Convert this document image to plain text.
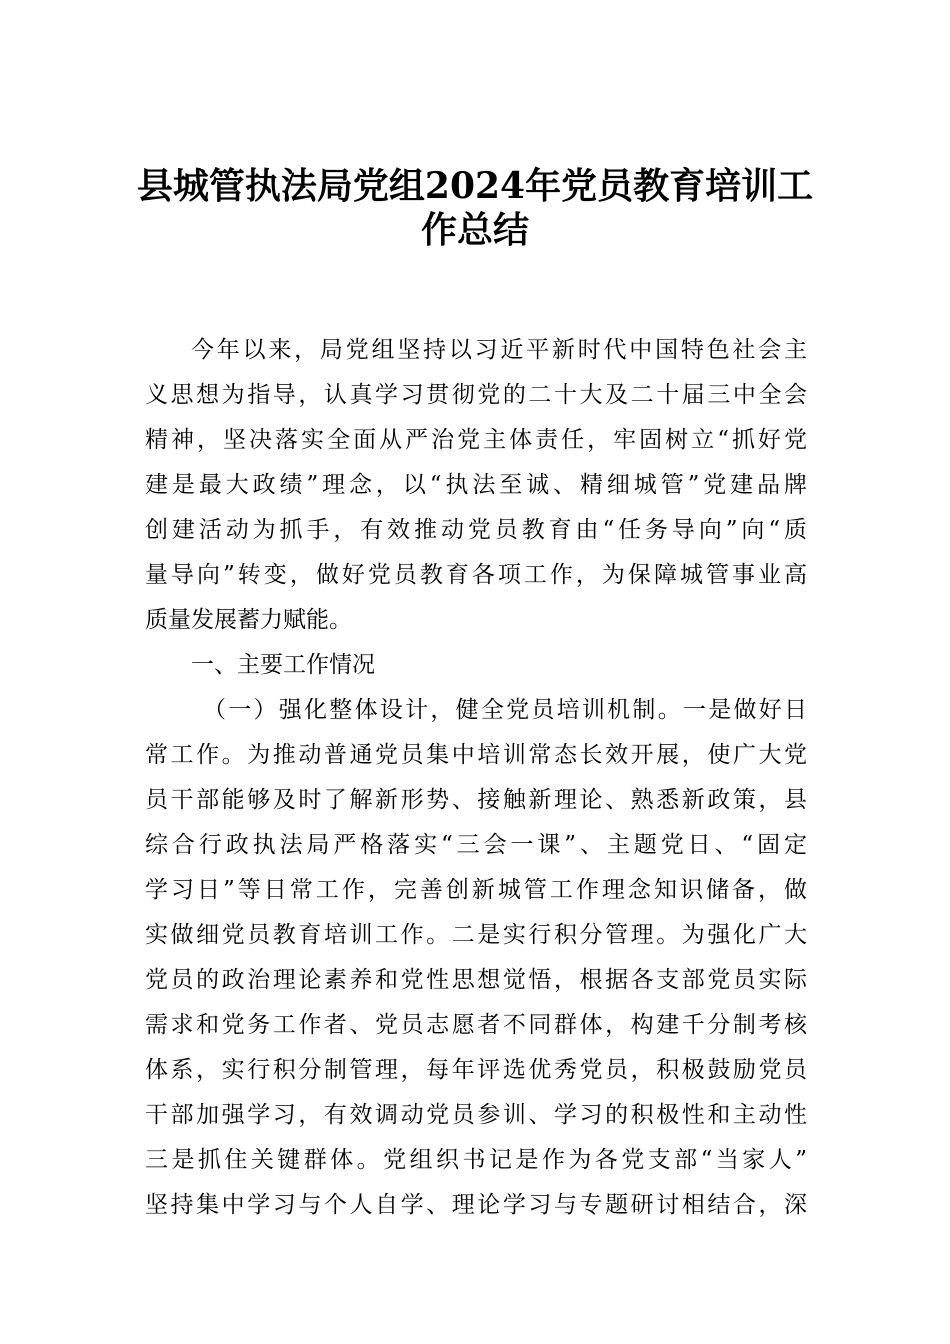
县城管执法局党组2024年党员教育培训工
作总结
今年以来，局党组坚持以习近平新时代中国特色社会主
义思想为指导，认真学习贯彻党的二十大及二十届三中全会
精神，坚决落实全面从严治党主体责任，牢固树立“抓好党
建是最大政绩”理念，以“执法至诚、精细城管”党建品牌
创建活动为抓手，有效推动党员教育由“任务导向”向“质
量导向”转变，做好党员教育各项工作，为保障城管事业高
质量发展蓄力赋能。
一、主要工作情况
（一）强化整体设计，健全党员培训机制。一是做好日
常工作。为推动普通党员集中培训常态长效开展，使广大党
员干部能够及时了解新形势、接触新理论、熟悉新政策，县
综合行政执法局严格落实“三会一课”、主题党日、“固定
学习日”等日常工作，完善创新城管工作理念知识储备，做
实做细党员教育培训工作。二是实行积分管理。为强化广大
党员的政治理论素养和党性思想觉悟，根据各支部党员实际
需求和党务工作者、党员志愿者不同群体，构建千分制考核
体系，实行积分制管理，每年评选优秀党员，积极鼓励党员
干部加强学习，有效调动党员参训、学习的积极性和主动性
三是抓住关键群体。党组织书记是作为各党支部“当家人”
坚持集中学习与个人自学、理论学习与专题研讨相结合，深
